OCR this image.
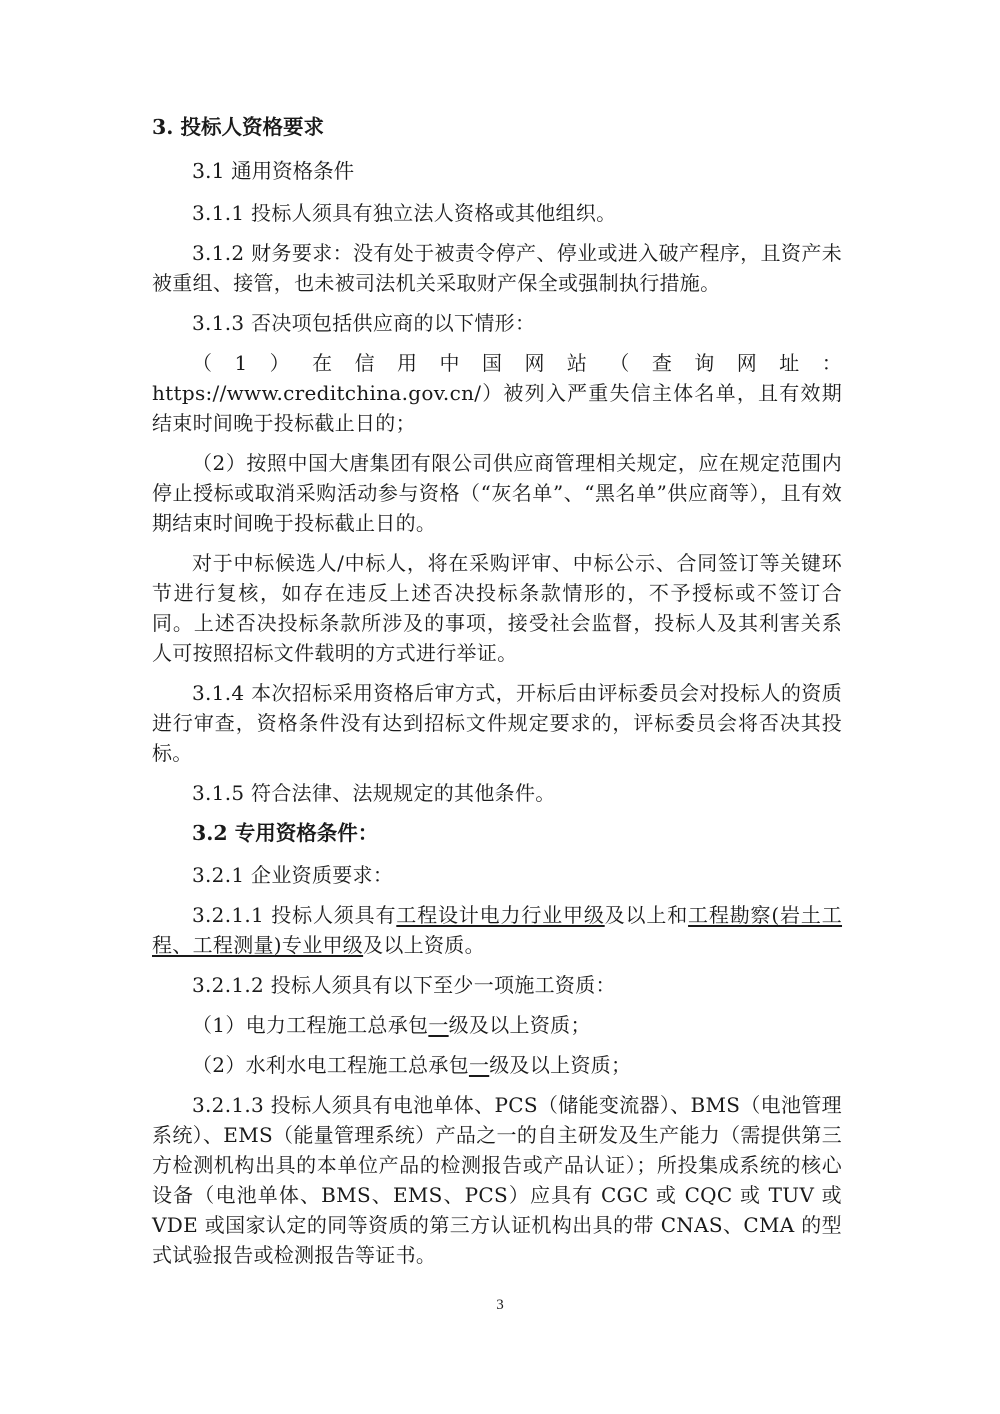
3. 投标人资格要求
3.1 通用资格条件
3.1.1 投标人须具有独立法人资格或其他组织。
3.1.2 财务要求：没有处于被责令停产、停业或进入破产程序，且资产未被重组、接管，也未被司法机关采取财产保全或强制执行措施。
3.1.3 否决项包括供应商的以下情形：
（1）在信用中国网站（查询网址：https://www.creditchina.gov.cn/）被列入严重失信主体名单，且有效期结束时间晚于投标截止日的；
（2）按照中国大唐集团有限公司供应商管理相关规定，应在规定范围内停止授标或取消采购活动参与资格（“灰名单”、“黑名单”供应商等），且有效期结束时间晚于投标截止日的。
对于中标候选人/中标人，将在采购评审、中标公示、合同签订等关键环节进行复核，如存在违反上述否决投标条款情形的，不予授标或不签订合同。上述否决投标条款所涉及的事项，接受社会监督，投标人及其利害关系人可按照招标文件载明的方式进行举证。
3.1.4 本次招标采用资格后审方式，开标后由评标委员会对投标人的资质进行审查，资格条件没有达到招标文件规定要求的，评标委员会将否决其投标。
3.1.5 符合法律、法规规定的其他条件。
3.2 专用资格条件：
3.2.1 企业资质要求：
3.2.1.1 投标人须具有工程设计电力行业甲级及以上和工程勘察(岩土工程、工程测量)专业甲级及以上资质。
3.2.1.2 投标人须具有以下至少一项施工资质：
（1）电力工程施工总承包一级及以上资质；
（2）水利水电工程施工总承包一级及以上资质；
3.2.1.3 投标人须具有电池单体、PCS（储能变流器）、BMS（电池管理系统）、EMS（能量管理系统）产品之一的自主研发及生产能力（需提供第三方检测机构出具的本单位产品的检测报告或产品认证）；所投集成系统的核心设备（电池单体、BMS、EMS、PCS）应具有 CGC 或 CQC 或 TUV 或 VDE 或国家认定的同等资质的第三方认证机构出具的带 CNAS、CMA 的型式试验报告或检测报告等证书。
3
